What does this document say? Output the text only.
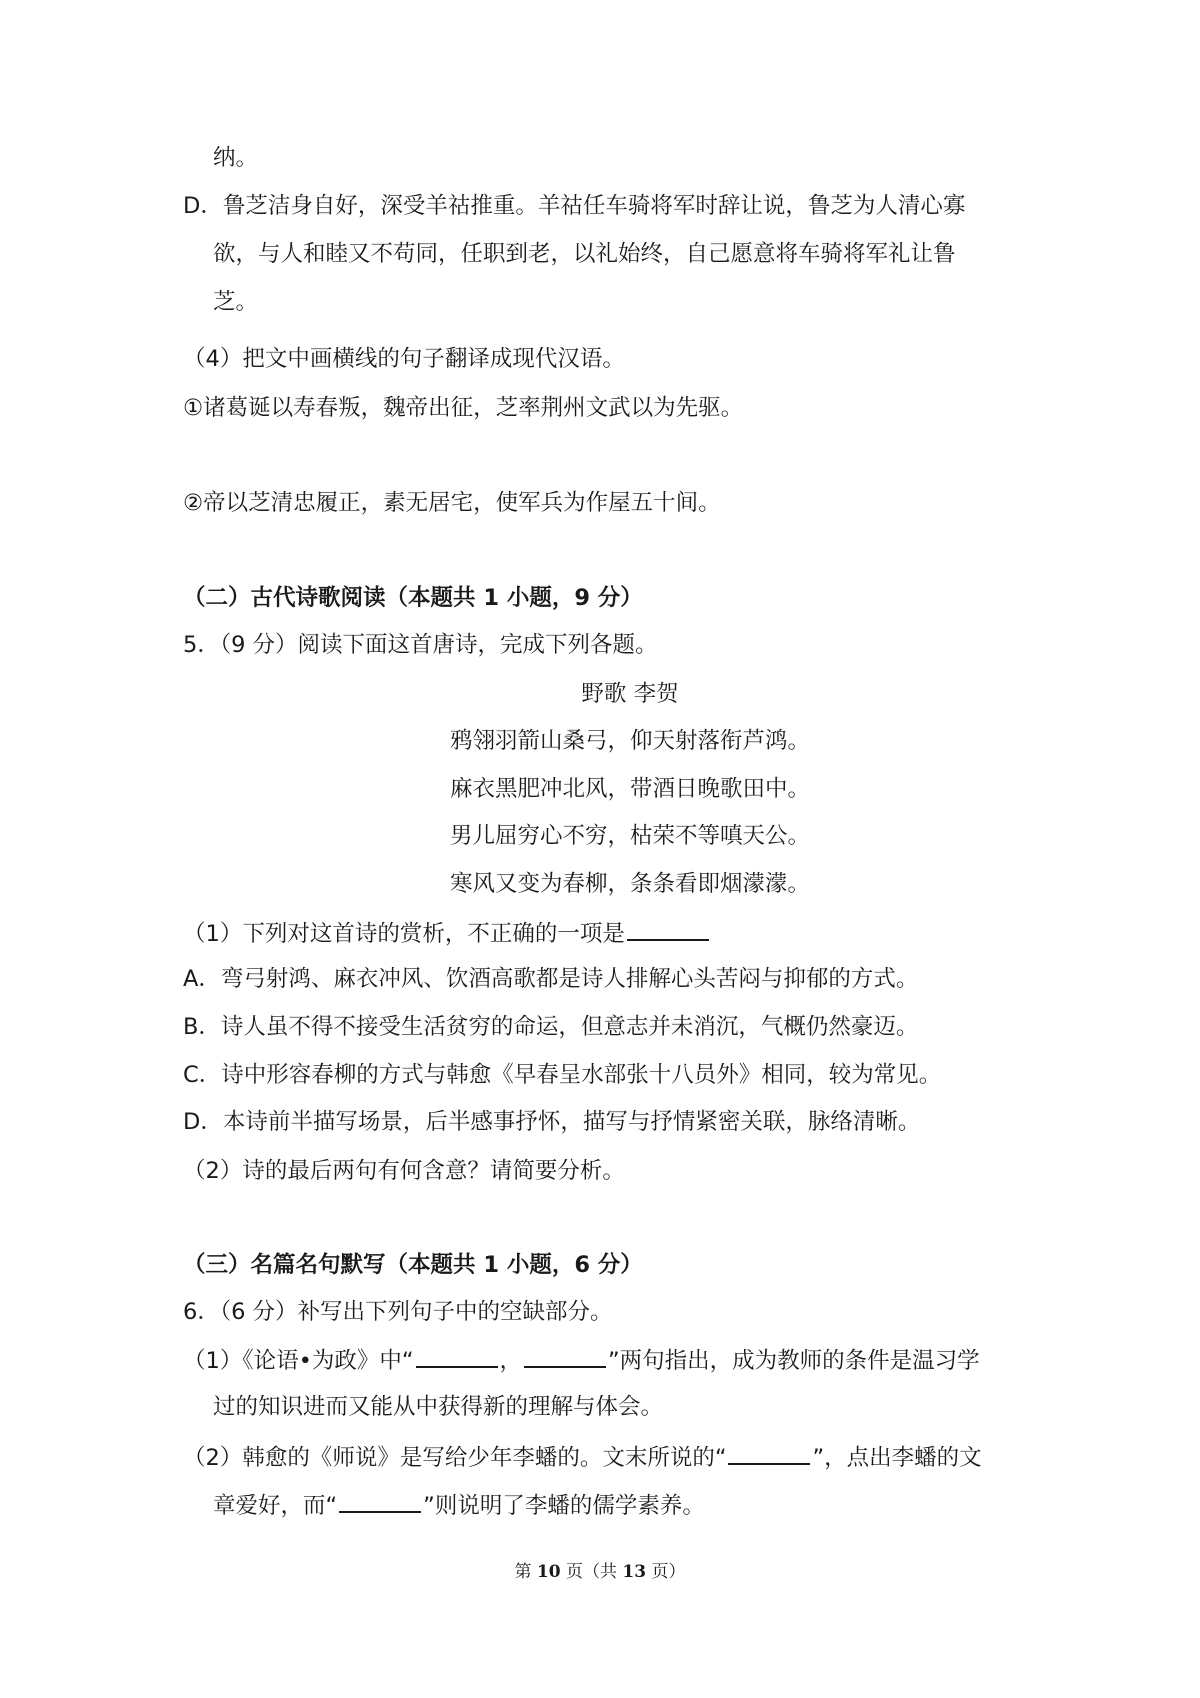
纳。
D．鲁芝洁身自好，深受羊祜推重。羊祜任车骑将军时辞让说，鲁芝为人清心寡
欲，与人和睦又不苟同，任职到老，以礼始终，自己愿意将车骑将军礼让鲁
芝。
（4）把文中画横线的句子翻译成现代汉语。
①诸葛诞以寿春叛，魏帝出征，芝率荆州文武以为先驱。
②帝以芝清忠履正，素无居宅，使军兵为作屋五十间。
（二）古代诗歌阅读（本题共 1 小题，9 分）
5．（9 分）阅读下面这首唐诗，完成下列各题。
野歌 李贺
鸦翎羽箭山桑弓，仰天射落衔芦鸿。
麻衣黑肥冲北风，带酒日晚歌田中。
男儿屈穷心不穷，枯荣不等嗔天公。
寒风又变为春柳，条条看即烟濛濛。
（1）下列对这首诗的赏析，不正确的一项是
A．弯弓射鸿、麻衣冲风、饮酒高歌都是诗人排解心头苦闷与抑郁的方式。
B．诗人虽不得不接受生活贫穷的命运，但意志并未消沉，气概仍然豪迈。
C．诗中形容春柳的方式与韩愈《早春呈水部张十八员外》相同，较为常见。
D．本诗前半描写场景，后半感事抒怀，描写与抒情紧密关联，脉络清晰。
（2）诗的最后两句有何含意？请简要分析。
（三）名篇名句默写（本题共 1 小题，6 分）
6．（6 分）补写出下列句子中的空缺部分。
（1）《论语•为政》中“	，	”两句指出，成为教师的条件是温习学
过的知识进而又能从中获得新的理解与体会。
（2）韩愈的《师说》是写给少年李蟠的。文末所说的“	”，点出李蟠的文
章爱好，而“	”则说明了李蟠的儒学素养。
第 10 页（共 13 页）
